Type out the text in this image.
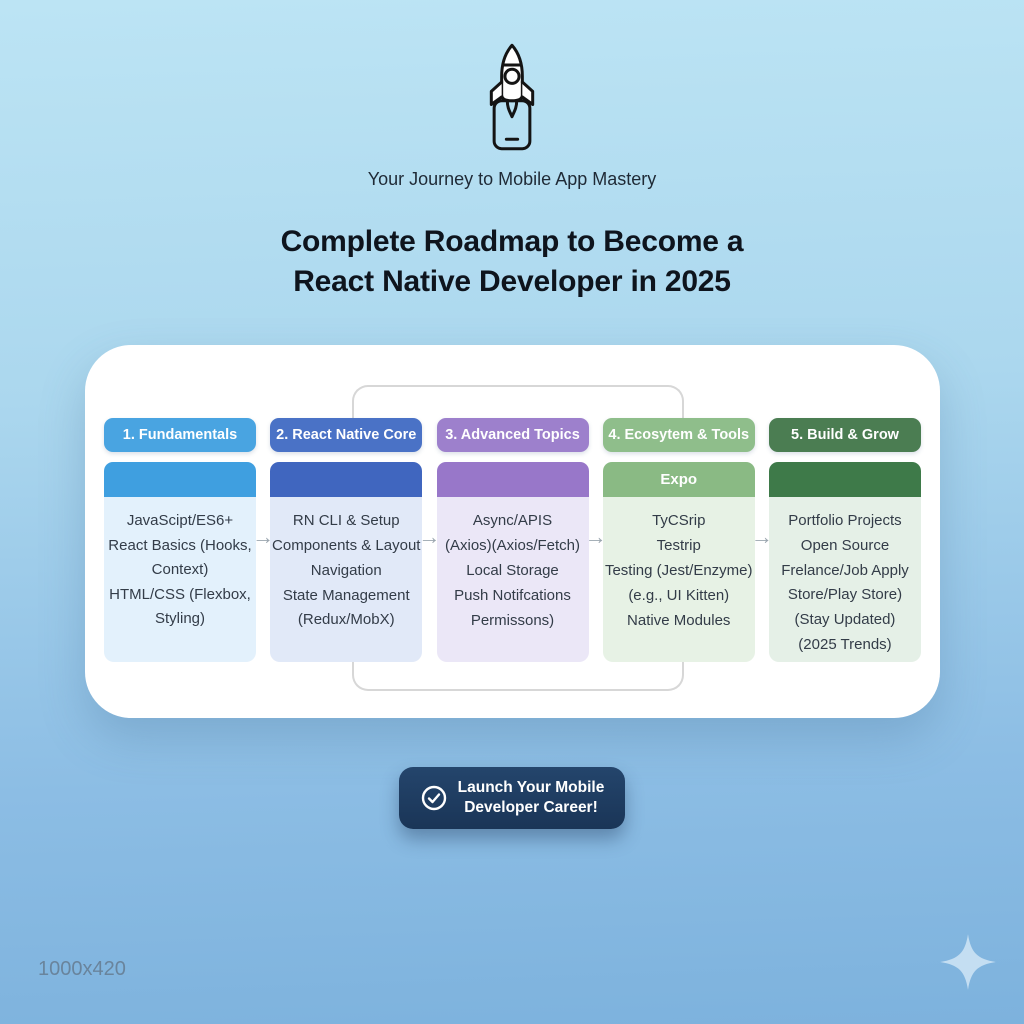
Your Journey to Mobile App Mastery
Complete Roadmap to Become a
React Native Developer in 2025
1. Fundamentals
JavaScipt/ES6+
React Basics (Hooks, Context)
HTML/CSS (Flexbox, Styling)
→
2. React Native Core
RN CLI & Setup
Components & Layout
Navigation
State Management (Redux/MobX)
→
3. Advanced Topics
Async/APIS
(Axios)(Axios/Fetch)
Local Storage
Push Notifcations
Permissons)
→
4. Ecosytem & Tools
Expo
TyCSrip
Testrip
Testing (Jest/Enzyme)
(e.g., UI Kitten)
Native Modules
→
5. Build & Grow
Portfolio Projects
Open Source
Frelance/Job Apply Store/Play Store)
(Stay Updated)
(2025 Trends)
Launch Your Mobile
Developer Career!
1000x420
